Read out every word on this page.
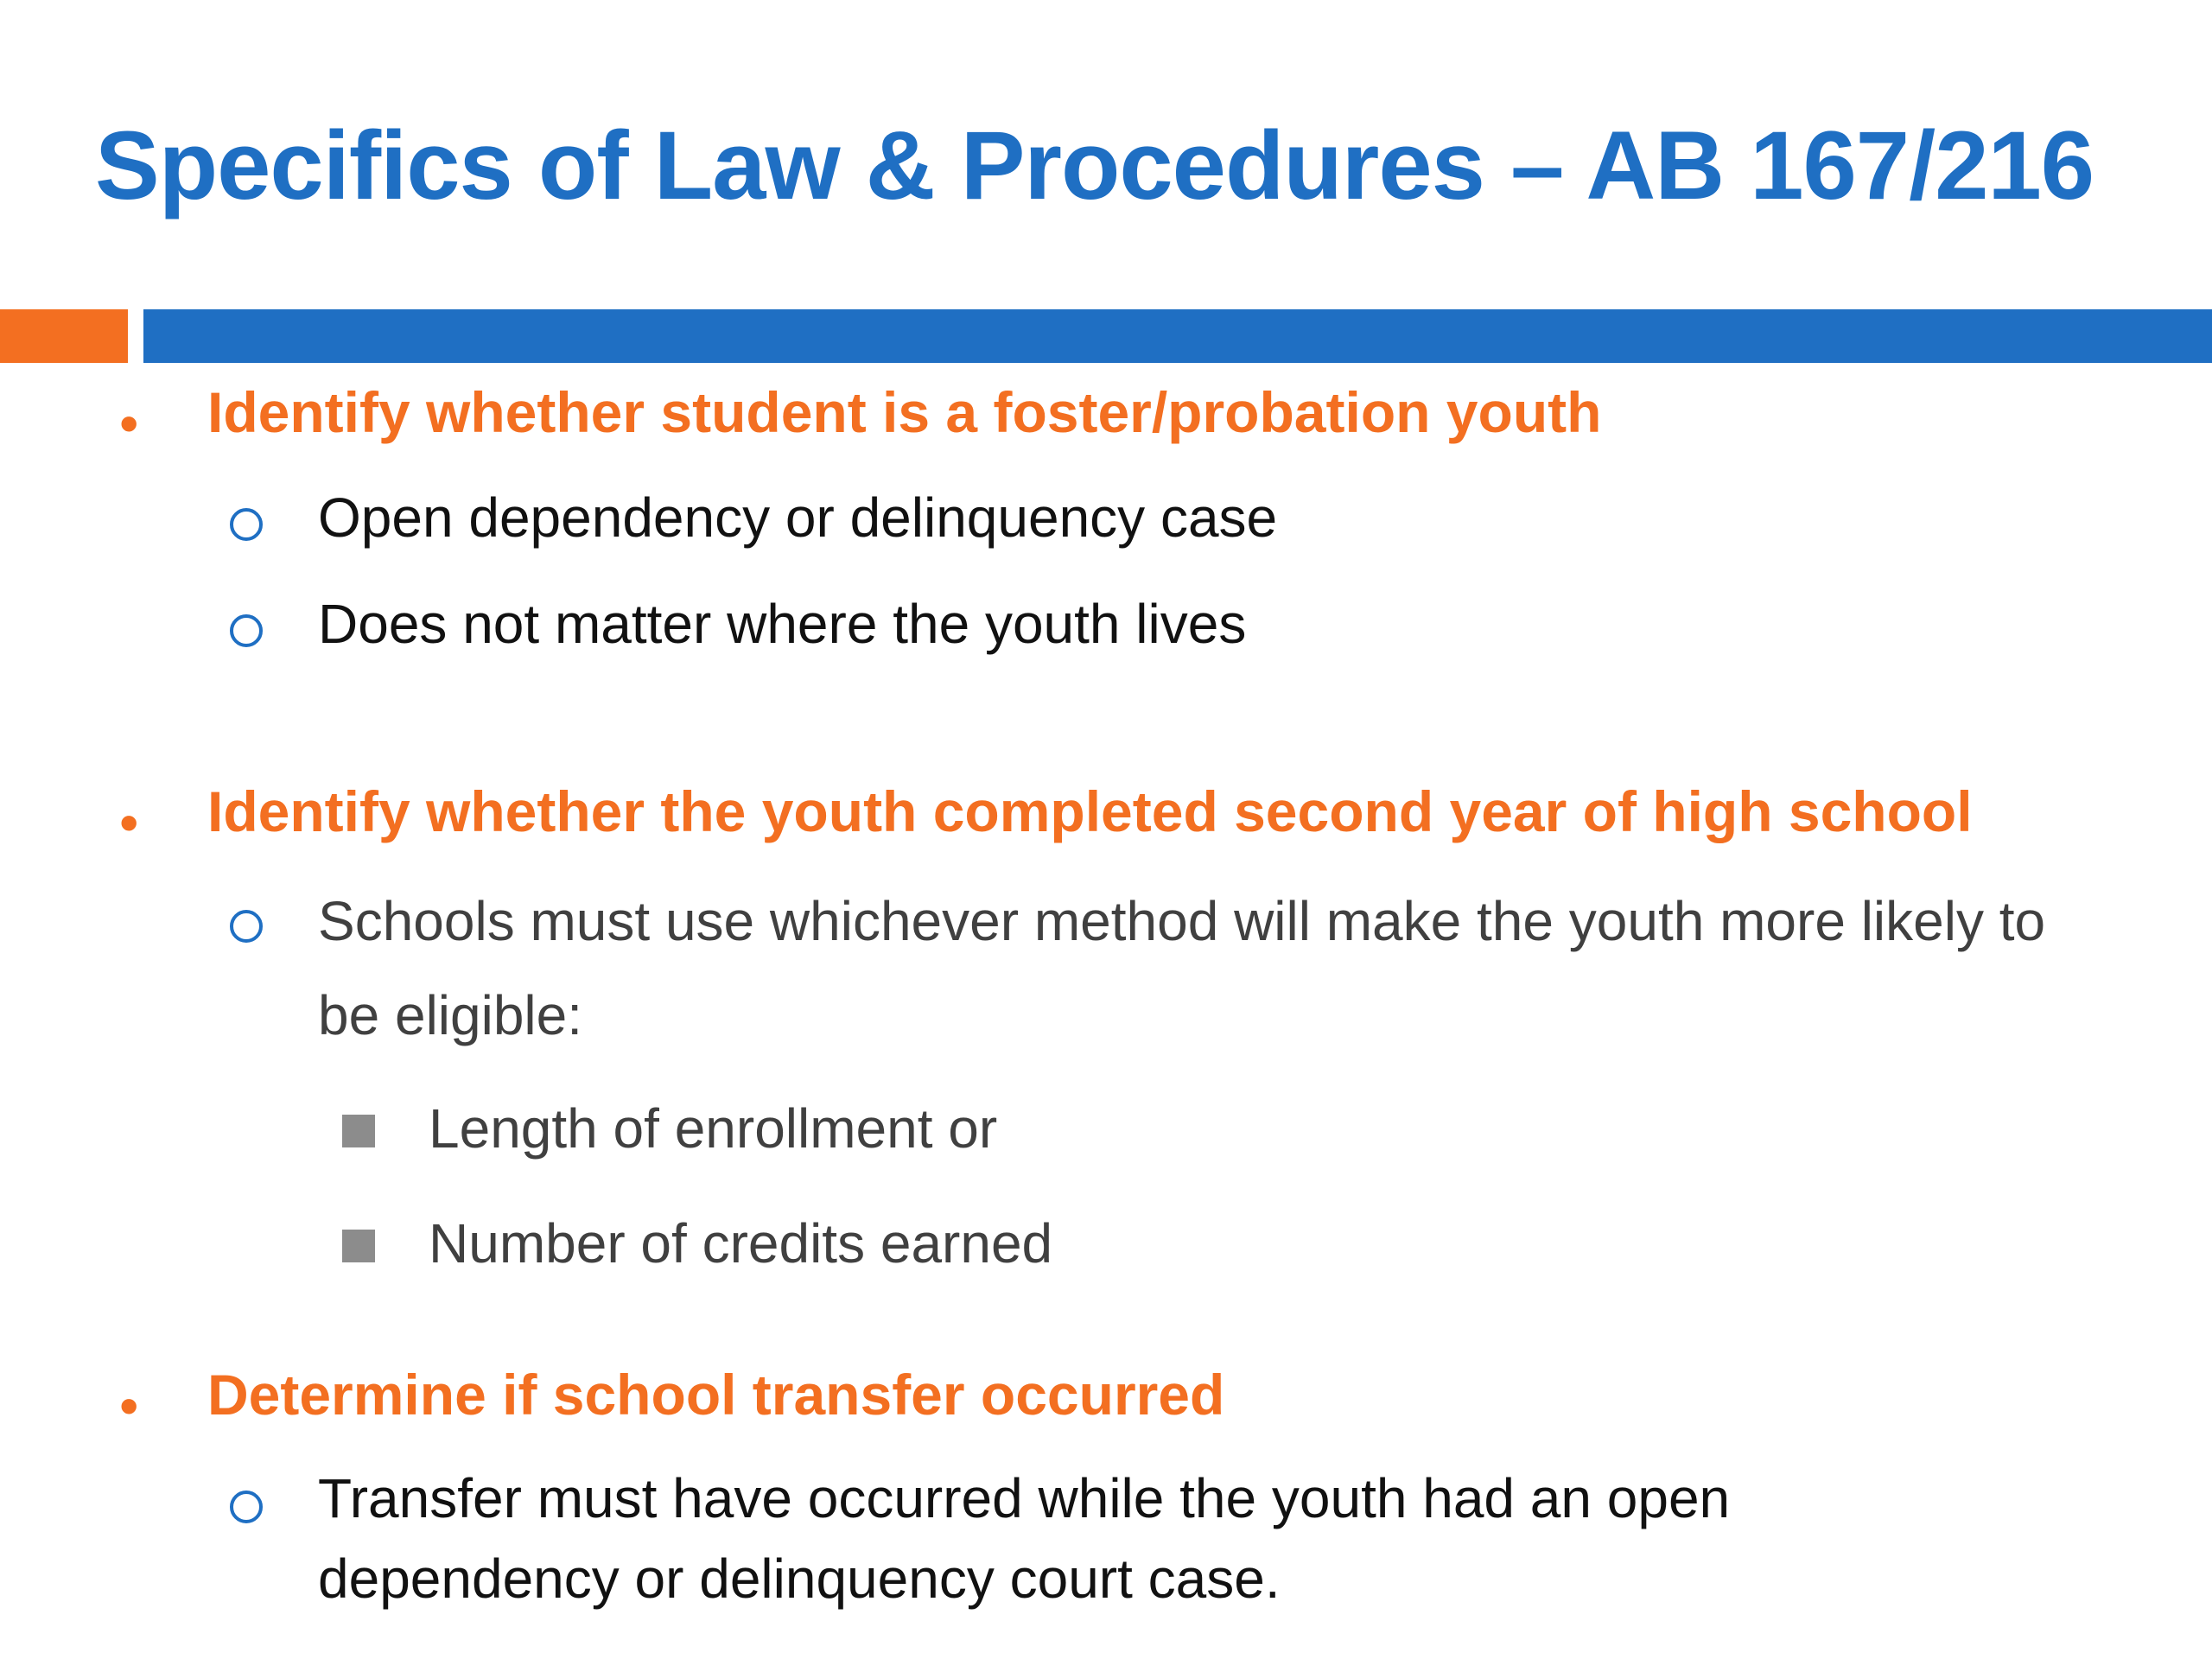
Specifics of Law & Procedures – AB 167/216
• Identify whether student is a foster/probation youth
Open dependency or delinquency case
Does not matter where the youth lives
• Identify whether the youth completed second year of high school
Schools must use whichever method will make the youth more likely to be eligible:
Length of enrollment or
Number of credits earned
• Determine if school transfer occurred
Transfer must have occurred while the youth had an open dependency or delinquency court case.
